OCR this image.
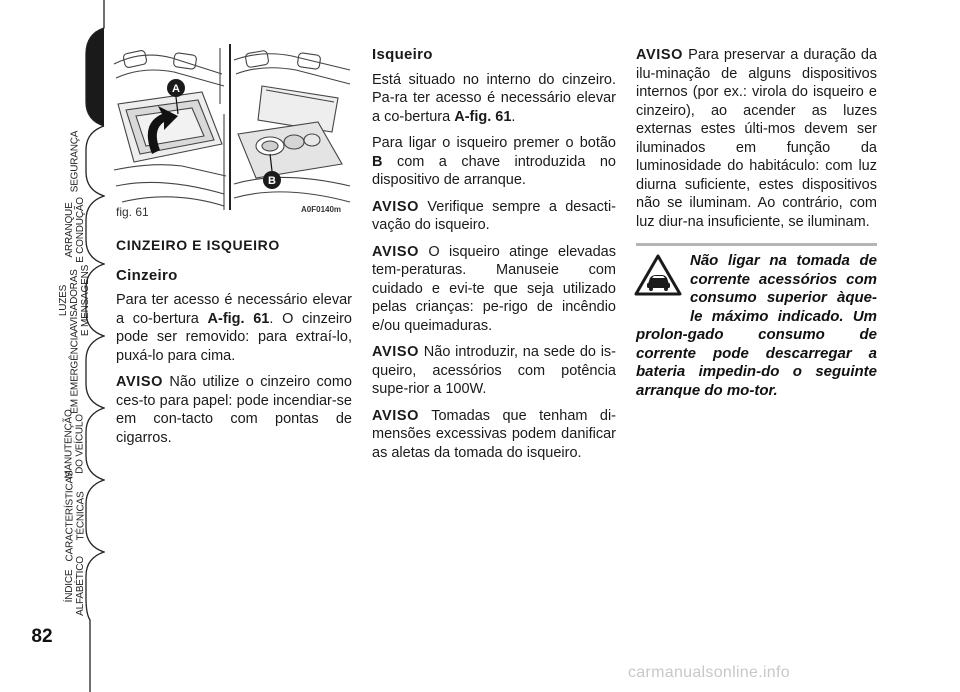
TABLIER E
COMANDOS
SEGURANÇA
ARRANQUE
E CONDUÇÃO
LUZES
AVISADORAS
E MENSAGENS
EM EMERGÊNCIA
MANUTENÇÃO
DO VEÍCULO
CARACTERÍSTICAS
TÉCNICAS
ÍNDICE
ALFABÉTICO
82
A
B
fig. 61	A0F0140m
CINZEIRO E ISQUEIRO
Cinzeiro

Para ter acesso é necessário elevar a co-bertura A-fig. 61. O cinzeiro pode ser removido: para extraí-lo, puxá-lo para cima.

AVISO Não utilize o cinzeiro como ces-to para papel: pode incendiar-se em con-tacto com pontas de cigarros.

Isqueiro

Está situado no interno do cinzeiro. Pa-ra ter acesso é necessário elevar a co-bertura A-fig. 61.

Para ligar o isqueiro premer o botão B com a chave introduzida no dispositivo de arranque.

AVISO Verifique sempre a desacti-vação do isqueiro.

AVISO O isqueiro atinge elevadas tem-peraturas. Manuseie com cuidado e evi-te que seja utilizado pelas crianças: pe-rigo de incêndio e/ou queimaduras.

AVISO Não introduzir, na sede do is-queiro, acessórios com potência supe-rior a 100W.

AVISO Tomadas que tenham di-mensões excessivas podem danificar as aletas da tomada do isqueiro.

AVISO Para preservar a duração da ilu-minação de alguns dispositivos internos (por ex.: virola do isqueiro e cinzeiro), ao acender as luzes externas estes últi-mos devem ser iluminados em função da luminosidade do habitáculo: com luz diurna suficiente, estes dispositivos não se iluminam. Ao contrário, com luz diur-na insuficiente, se iluminam.

Não ligar na tomada de corrente acessórios com consumo superior àque-le máximo indicado. Um prolon-gado consumo de corrente pode descarregar a bateria impedin-do o seguinte arranque do mo-tor.
carmanualsonline.info
